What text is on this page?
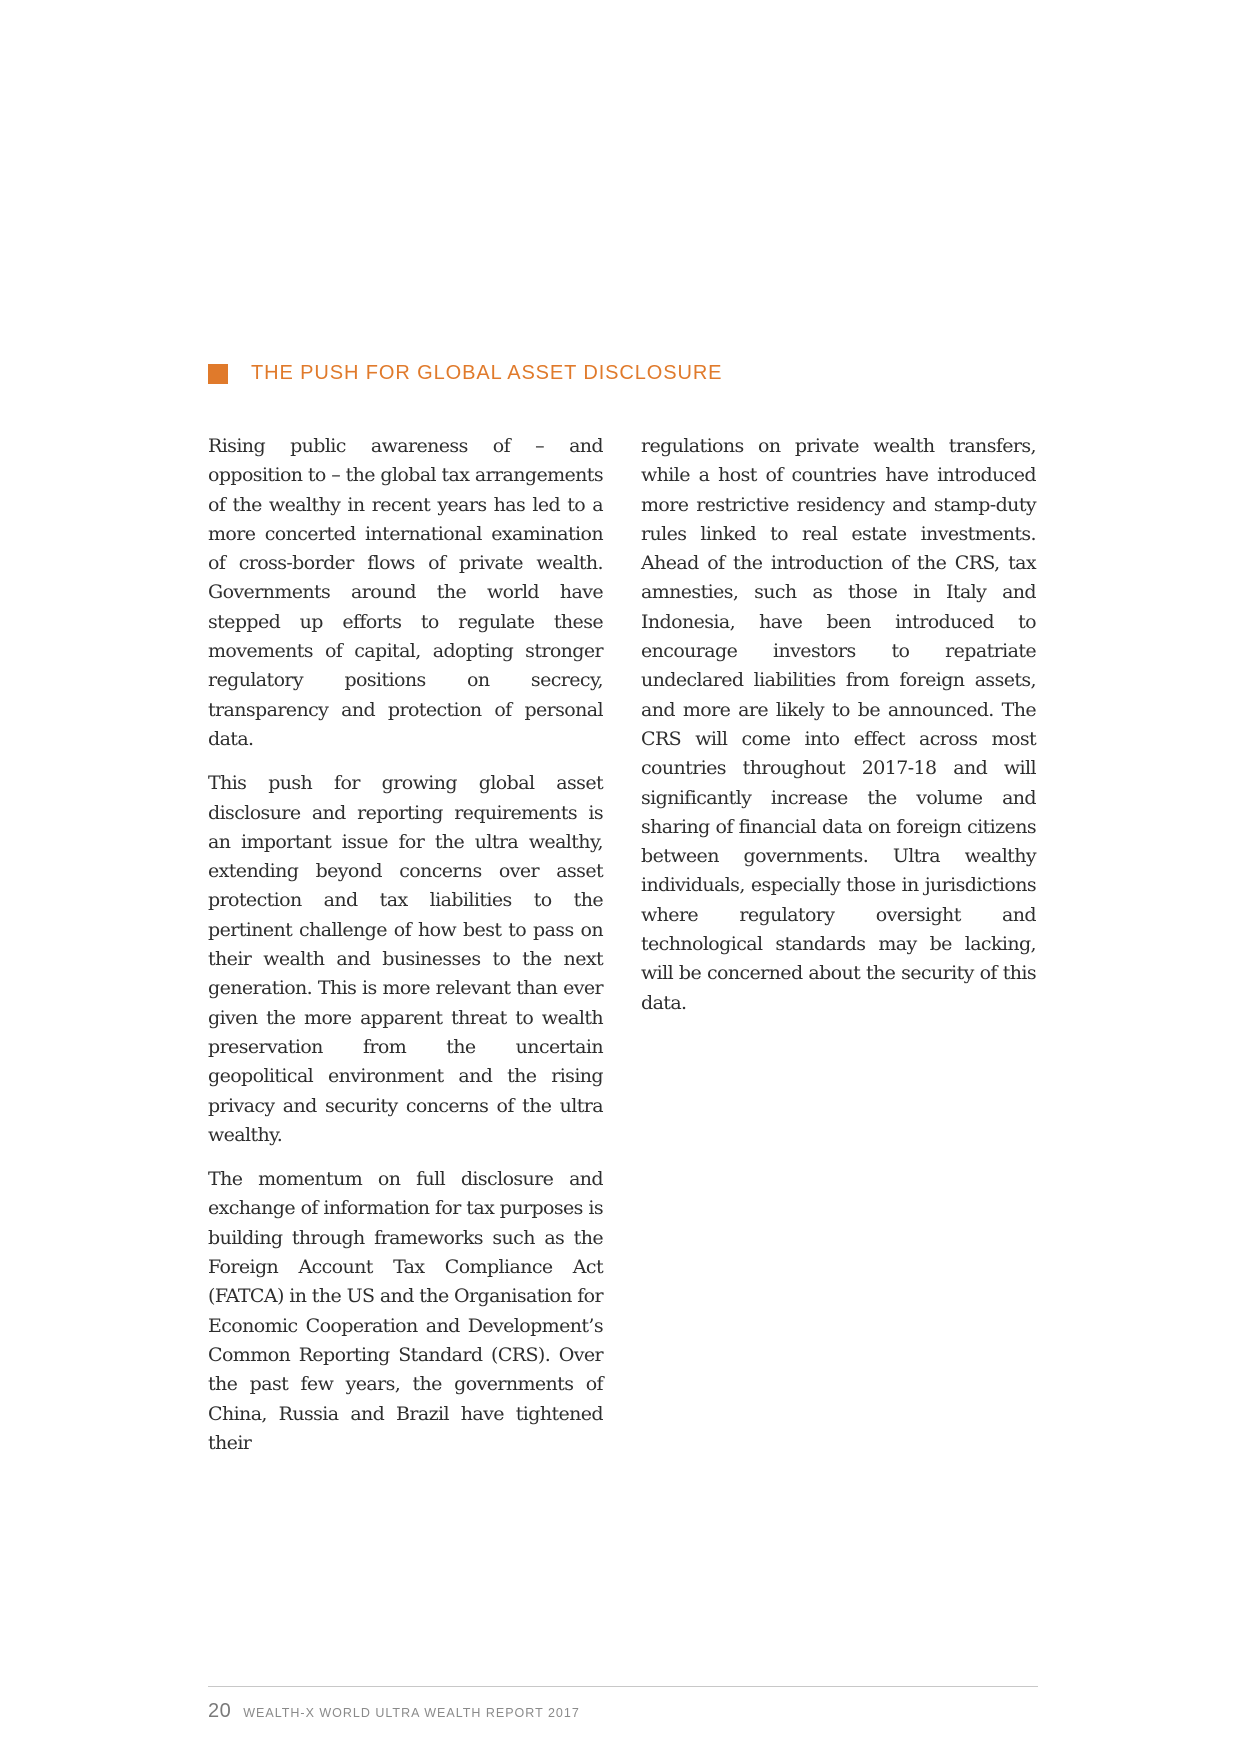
THE PUSH FOR GLOBAL ASSET DISCLOSURE

Rising public awareness of – and opposition to – the global tax arrangements of the wealthy in recent years has led to a more concerted international examination of cross-border flows of private wealth. Governments around the world have stepped up efforts to regulate these movements of capital, adopting stronger regulatory positions on secrecy, transparency and protection of personal data.

This push for growing global asset disclosure and reporting requirements is an important issue for the ultra wealthy, extending beyond concerns over asset protection and tax liabilities to the pertinent challenge of how best to pass on their wealth and businesses to the next generation. This is more relevant than ever given the more apparent threat to wealth preservation from the uncertain geopolitical environment and the rising privacy and security concerns of the ultra wealthy.

The momentum on full disclosure and exchange of information for tax purposes is building through frameworks such as the Foreign Account Tax Compliance Act (FATCA) in the US and the Organisation for Economic Cooperation and Development’s Common Reporting Standard (CRS). Over the past few years, the governments of China, Russia and Brazil have tightened their

regulations on private wealth transfers, while a host of countries have introduced more restrictive residency and stamp-duty rules linked to real estate investments. Ahead of the introduction of the CRS, tax amnesties, such as those in Italy and Indonesia, have been introduced to encourage investors to repatriate undeclared liabilities from foreign assets, and more are likely to be announced. The CRS will come into effect across most countries throughout 2017-18 and will significantly increase the volume and sharing of financial data on foreign citizens between governments. Ultra wealthy individuals, especially those in jurisdictions where regulatory oversight and technological standards may be lacking, will be concerned about the security of this data.

20 WEALTH-X WORLD ULTRA WEALTH REPORT 2017
